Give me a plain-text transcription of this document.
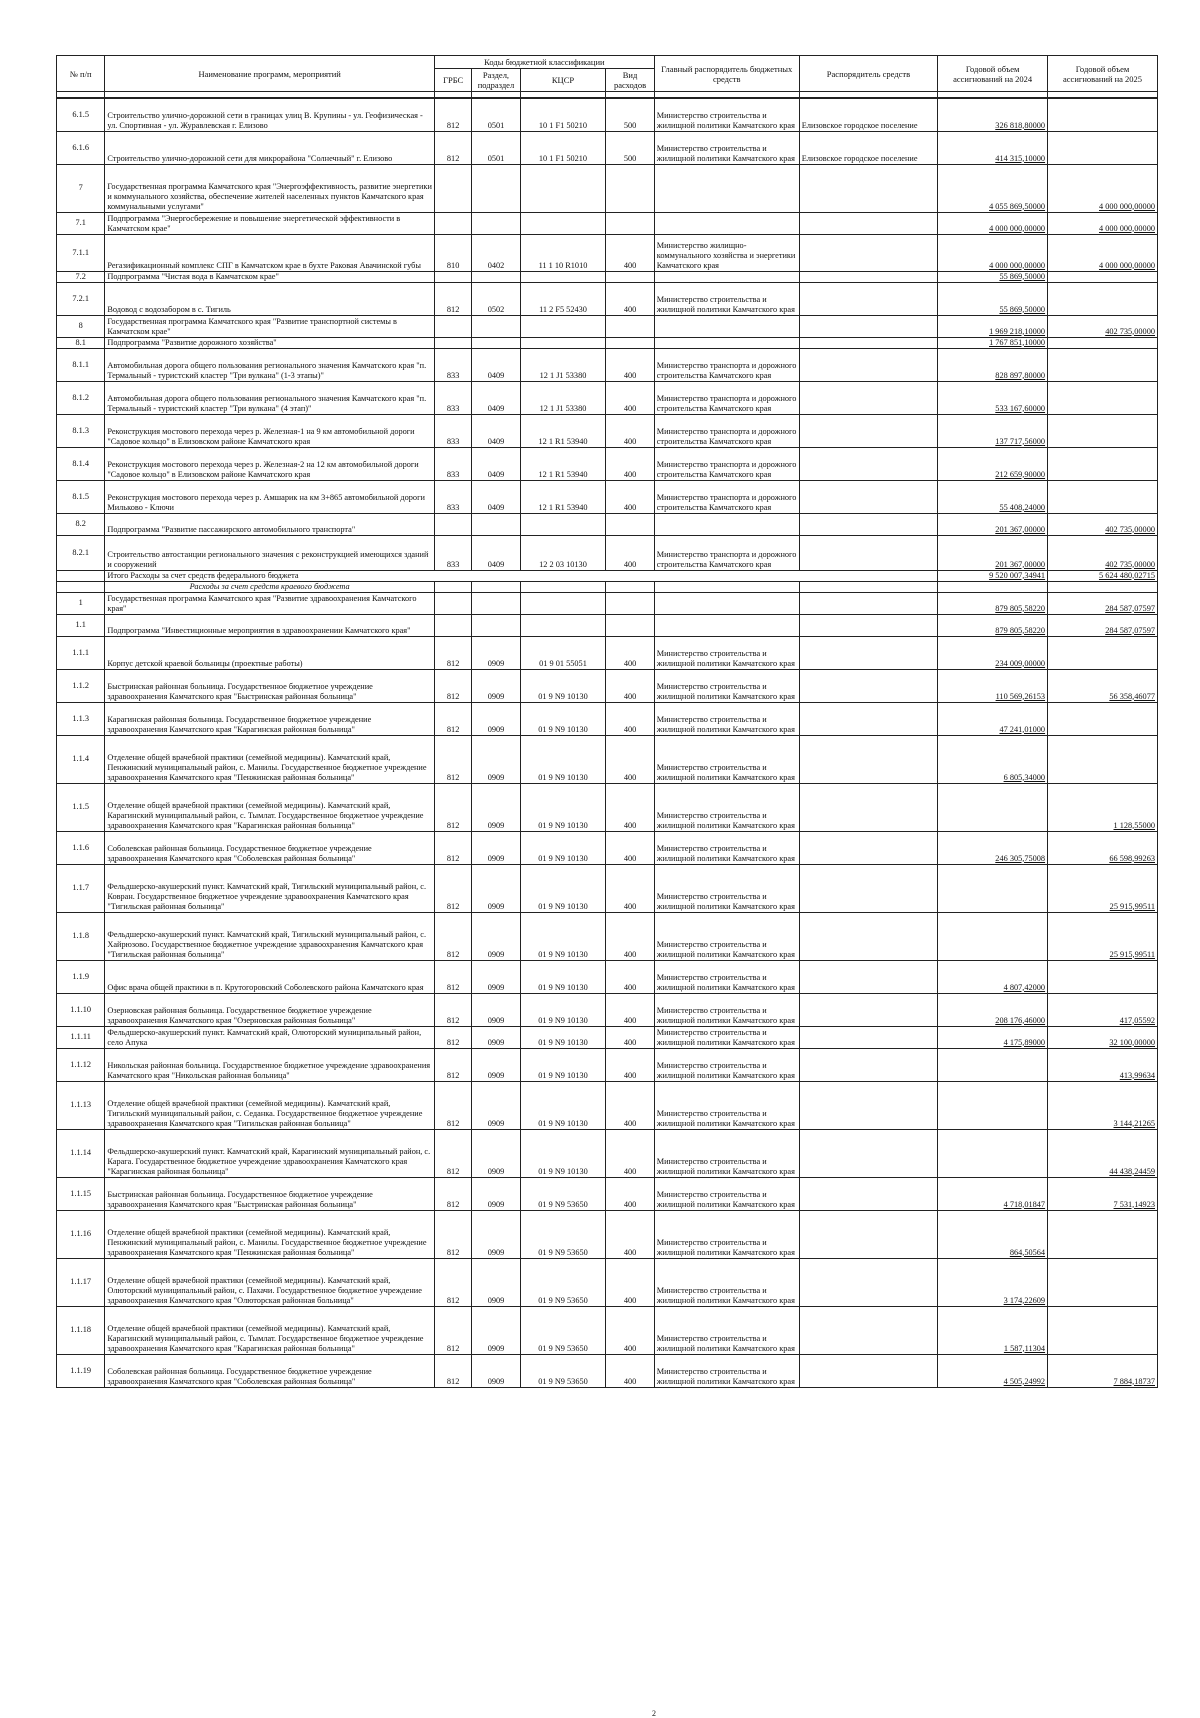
№ п/п	Наименование программ, мероприятий	Коды бюджетной классификации				Главный распорядитель бюджетных средств	Распорядитель средств	Годовой объем ассигнований на 2024	Годовой объем ассигнований на 2025
		ГРБС	Раздел, подраздел	КЦСР	Вид расходов				

6.1.5	Строительство улично-дорожной сети в границах улиц В. Крупины - ул. Геофизическая - ул. Спортивная - ул. Журавлевская г. Елизово	812	0501	10 1 F1 50210	500	Министерство строительства и жилищной политики Камчатского края	Елизовское городское поселение	326 818,80000	
6.1.6	Строительство улично-дорожной сети для микрорайона "Солнечный" г. Елизово	812	0501	10 1 F1 50210	500	Министерство строительства и жилищной политики Камчатского края	Елизовское городское поселение	414 315,10000	
7	Государственная программа Камчатского края "Энергоэффективность, развитие энергетики и коммунального хозяйства, обеспечение жителей населенных пунктов Камчатского края коммунальными услугами"							4 055 869,50000	4 000 000,00000
7.1	Подпрограмма "Энергосбережение и повышение энергетической эффективности в Камчатском крае"							4 000 000,00000	4 000 000,00000
7.1.1	Регазификационный комплекс СПГ в Камчатском крае в бухте Раковая Авачинской губы	810	0402	11 1 10 R1010	400	Министерство жилищно-коммунального хозяйства и энергетики Камчатского края		4 000 000,00000	4 000 000,00000
7.2	Подпрограмма "Чистая вода в Камчатском крае"							55 869,50000	
7.2.1	Водовод с водозабором в с. Тигиль	812	0502	11 2 F5 52430	400	Министерство строительства и жилищной политики Камчатского края		55 869,50000	
8	Государственная программа Камчатского края "Развитие транспортной системы в Камчатском крае"							1 969 218,10000	402 735,00000
8.1	Подпрограмма "Развитие дорожного хозяйства"							1 767 851,10000	
8.1.1	Автомобильная дорога общего пользования регионального значения Камчатского края "п. Термальный - туристский кластер "Три вулкана" (1-3 этапы)"	833	0409	12 1 J1 53380	400	Министерство транспорта и дорожного строительства Камчатского края		828 897,80000	
8.1.2	Автомобильная дорога общего пользования регионального значения Камчатского края "п. Термальный - туристский кластер "Три вулкана" (4 этап)"	833	0409	12 1 J1 53380	400	Министерство транспорта и дорожного строительства Камчатского края		533 167,60000	
8.1.3	Реконструкция мостового перехода через р. Железная-1 на 9 км автомобильной дороги "Садовое кольцо" в Елизовском районе Камчатского края	833	0409	12 1 R1 53940	400	Министерство транспорта и дорожного строительства Камчатского края		137 717,56000	
8.1.4	Реконструкция мостового перехода через р. Железная-2 на 12 км автомобильной дороги "Садовое кольцо" в Елизовском районе Камчатского края	833	0409	12 1 R1 53940	400	Министерство транспорта и дорожного строительства Камчатского края		212 659,90000	
8.1.5	Реконструкция мостового перехода через р. Амшарик на км 3+865 автомобильной дороги Мильково - Ключи	833	0409	12 1 R1 53940	400	Министерство транспорта и дорожного строительства Камчатского края		55 408,24000	
8.2	Подпрограмма "Развитие пассажирского автомобильного транспорта"							201 367,00000	402 735,00000
8.2.1	Строительство автостанции регионального значения с реконструкцией имеющихся зданий и сооружений	833	0409	12 2 03 10130	400	Министерство транспорта и дорожного строительства Камчатского края		201 367,00000	402 735,00000
	Итого Расходы за счет средств федерального бюджета							9 520 007,34941	5 624 480,02715
	Расходы за счет средств краевого бюджета								
1	Государственная программа Камчатского края "Развитие здравоохранения Камчатского края"							879 805,58220	284 587,07597
1.1	Подпрограмма "Инвестиционные мероприятия в здравоохранении Камчатского края"							879 805,58220	284 587,07597
1.1.1	Корпус детской краевой больницы (проектные работы)	812	0909	01 9 01 55051	400	Министерство строительства и жилищной политики Камчатского края		234 009,00000	
1.1.2	Быстринская районная больница. Государственное бюджетное учреждение здравоохранения Камчатского края "Быстринская районная больница"	812	0909	01 9 N9 10130	400	Министерство строительства и жилищной политики Камчатского края		110 569,26153	56 358,46077
1.1.3	Карагинская районная больница. Государственное бюджетное учреждение здравоохранения Камчатского края "Карагинская районная больница"	812	0909	01 9 N9 10130	400	Министерство строительства и жилищной политики Камчатского края		47 241,01000	
1.1.4	Отделение общей врачебной практики (семейной медицины). Камчатский край, Пенжинский муниципальный район, с. Манилы. Государственное бюджетное учреждение здравоохранения Камчатского края "Пенжинская районная больница"	812	0909	01 9 N9 10130	400	Министерство строительства и жилищной политики Камчатского края		6 805,34000	
1.1.5	Отделение общей врачебной практики (семейной медицины). Камчатский край, Карагинский муниципальный район, с. Тымлат. Государственное бюджетное учреждение здравоохранения Камчатского края "Карагинская районная больница"	812	0909	01 9 N9 10130	400	Министерство строительства и жилищной политики Камчатского края			1 128,55000
1.1.6	Соболевская районная больница. Государственное бюджетное учреждение здравоохранения Камчатского края "Соболевская районная больница"	812	0909	01 9 N9 10130	400	Министерство строительства и жилищной политики Камчатского края		246 305,75008	66 598,99263
1.1.7	Фельдшерско-акушерский пункт. Камчатский край, Тигильский муниципальный район, с. Ковран. Государственное бюджетное учреждение здравоохранения Камчатского края "Тигильская районная больница"	812	0909	01 9 N9 10130	400	Министерство строительства и жилищной политики Камчатского края			25 915,99511
1.1.8	Фельдшерско-акушерский пункт. Камчатский край, Тигильский муниципальный район, с. Хайрюзово. Государственное бюджетное учреждение здравоохранения Камчатского края "Тигильская районная больница"	812	0909	01 9 N9 10130	400	Министерство строительства и жилищной политики Камчатского края			25 915,99511
1.1.9	Офис врача общей практики в п. Крутогоровский Соболевского района Камчатского края	812	0909	01 9 N9 10130	400	Министерство строительства и жилищной политики Камчатского края		4 807,42000	
1.1.10	Озерновская районная больница. Государственное бюджетное учреждение здравоохранения Камчатского края "Озерновская районная больница"	812	0909	01 9 N9 10130	400	Министерство строительства и жилищной политики Камчатского края		208 176,46000	417,05592
1.1.11	Фельдшерско-акушерский пункт. Камчатский край, Олюторский муниципальный район, село Апука	812	0909	01 9 N9 10130	400	Министерство строительства и жилищной политики Камчатского края		4 175,89000	32 100,00000
1.1.12	Никольская районная больница. Государственное бюджетное учреждение здравоохранения Камчатского края "Никольская районная больница"	812	0909	01 9 N9 10130	400	Министерство строительства и жилищной политики Камчатского края			413,99634
1.1.13	Отделение общей врачебной практики (семейной медицины). Камчатский край, Тигильский муниципальный район, с. Седанка. Государственное бюджетное учреждение здравоохранения Камчатского края "Тигильская районная больница"	812	0909	01 9 N9 10130	400	Министерство строительства и жилищной политики Камчатского края			3 144,21265
1.1.14	Фельдшерско-акушерский пункт. Камчатский край, Карагинский муниципальный район, с. Карага. Государственное бюджетное учреждение здравоохранения Камчатского края "Карагинская районная больница"	812	0909	01 9 N9 10130	400	Министерство строительства и жилищной политики Камчатского края			44 438,24459
1.1.15	Быстринская районная больница. Государственное бюджетное учреждение здравоохранения Камчатского края "Быстринская районная больница"	812	0909	01 9 N9 53650	400	Министерство строительства и жилищной политики Камчатского края		4 718,01847	7 531,14923
1.1.16	Отделение общей врачебной практики (семейной медицины). Камчатский край, Пенжинский муниципальный район, с. Манилы. Государственное бюджетное учреждение здравоохранения Камчатского края "Пенжинская районная больница"	812	0909	01 9 N9 53650	400	Министерство строительства и жилищной политики Камчатского края		864,50564	
1.1.17	Отделение общей врачебной практики (семейной медицины). Камчатский край, Олюторский муниципальный район, с. Пахачи. Государственное бюджетное учреждение здравоохранения Камчатского края "Олюторская районная больница"	812	0909	01 9 N9 53650	400	Министерство строительства и жилищной политики Камчатского края		3 174,22609	
1.1.18	Отделение общей врачебной практики (семейной медицины). Камчатский край, Карагинский муниципальный район, с. Тымлат. Государственное бюджетное учреждение здравоохранения Камчатского края "Карагинская районная больница"	812	0909	01 9 N9 53650	400	Министерство строительства и жилищной политики Камчатского края		1 587,11304	
1.1.19	Соболевская районная больница. Государственное бюджетное учреждение здравоохранения Камчатского края "Соболевская районная больница"	812	0909	01 9 N9 53650	400	Министерство строительства и жилищной политики Камчатского края		4 505,24992	7 884,18737
2
